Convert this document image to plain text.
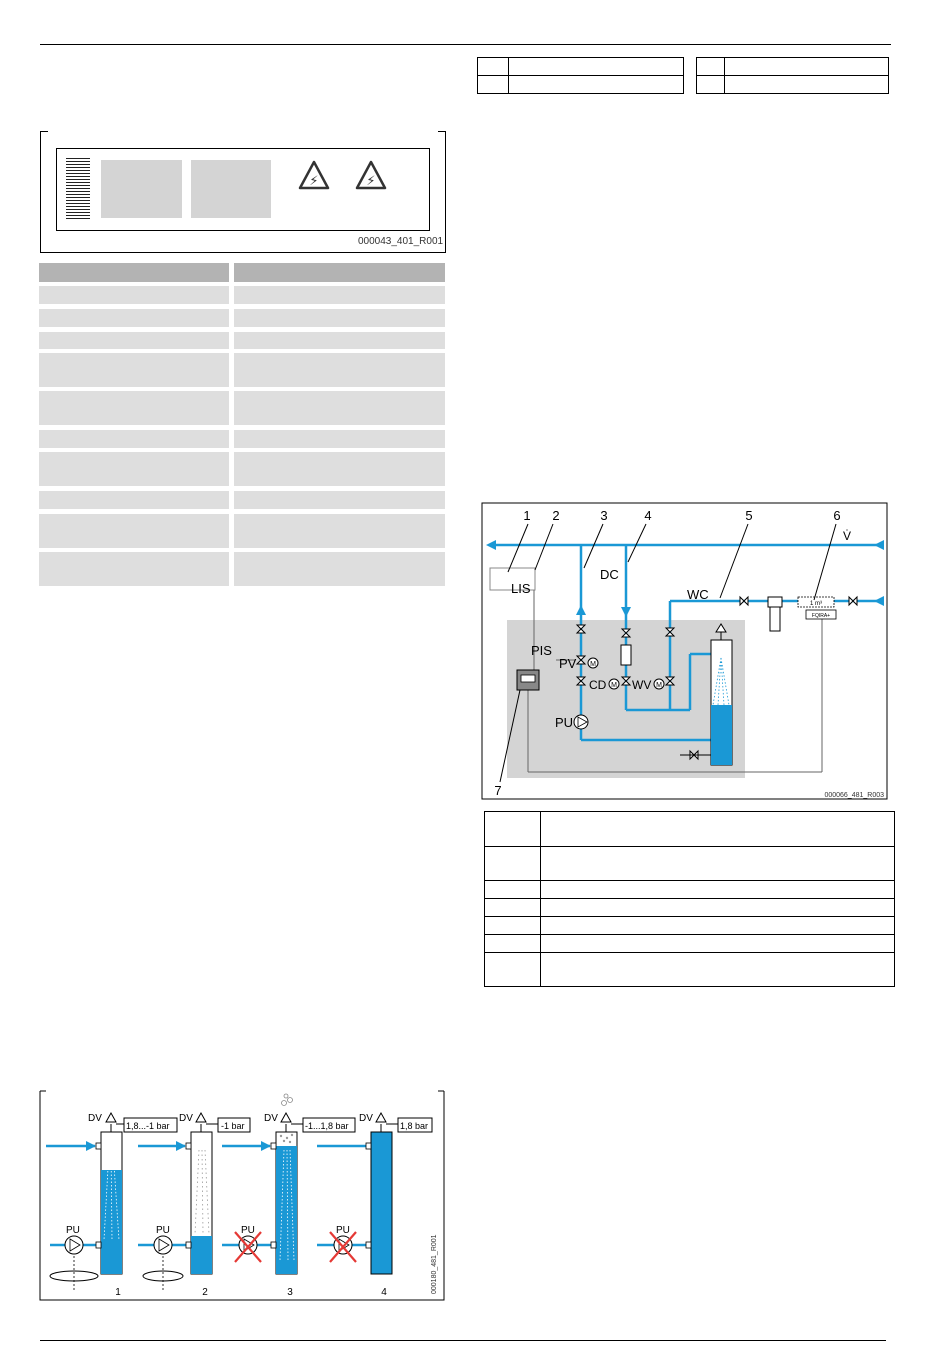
⚡	⚡
000043_401_R001
M
M	M
1 m³
FQIRA+
1 2	3	4	5	6
7
V̇
LIS
DC
WC
PIS
PV
CD WV
PU
000066_481_R003

DV
PU
1,8...-1 bar
1
DV
PU
-1 bar
2
DV
PU
-1...1,8 bar
3
DV
PU
1,8 bar
4	000180_481_R001
